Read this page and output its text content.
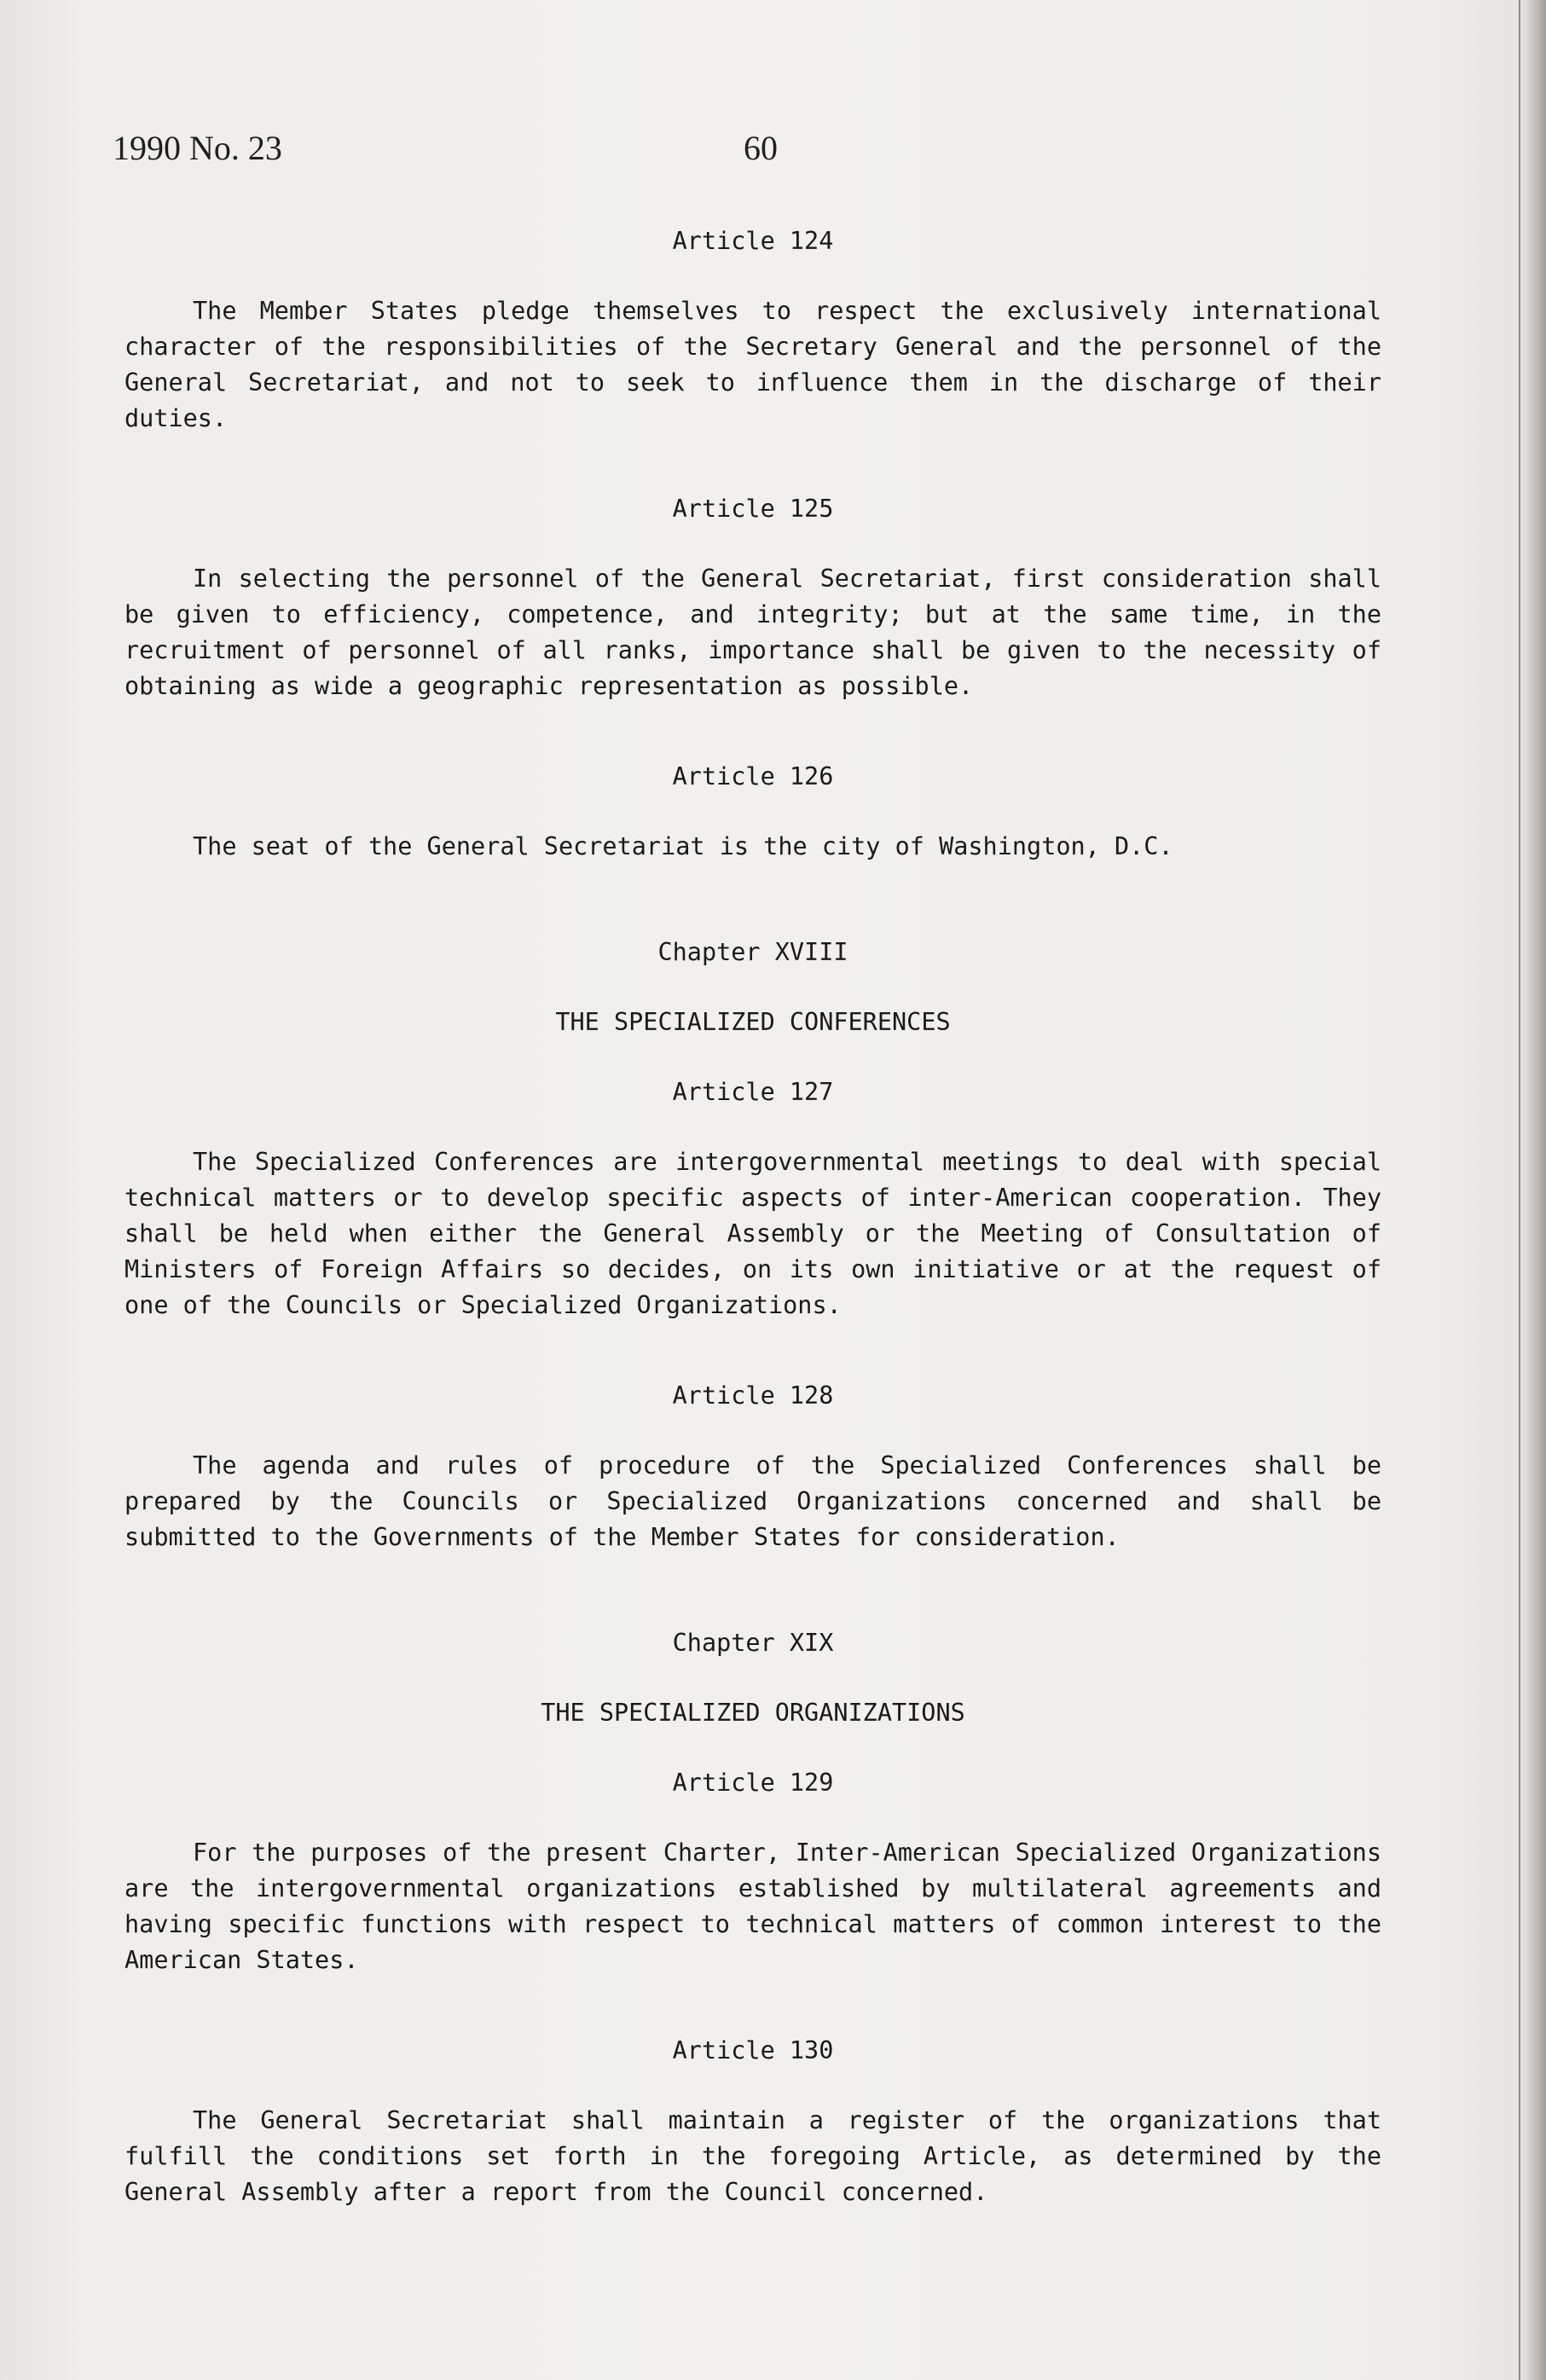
1990 No. 23	60
Article 124

The Member States pledge themselves to respect the exclusively international character of the responsibilities of the Secretary General and the personnel of the General Secretariat, and not to seek to influence them in the discharge of their duties.

Article 125

In selecting the personnel of the General Secretariat, first consideration shall be given to efficiency, competence, and integrity; but at the same time, in the recruitment of personnel of all ranks, importance shall be given to the necessity of obtaining as wide a geographic representation as possible.

Article 126

The seat of the General Secretariat is the city of Washington, D.C.

Chapter XVIII
THE SPECIALIZED CONFERENCES
Article 127

The Specialized Conferences are intergovernmental meetings to deal with special technical matters or to develop specific aspects of inter-American cooperation. They shall be held when either the General Assembly or the Meeting of Consultation of Ministers of Foreign Affairs so decides, on its own initiative or at the request of one of the Councils or Specialized Organizations.

Article 128

The agenda and rules of procedure of the Specialized Conferences shall be prepared by the Councils or Specialized Organizations concerned and shall be submitted to the Governments of the Member States for consideration.

Chapter XIX
THE SPECIALIZED ORGANIZATIONS
Article 129

For the purposes of the present Charter, Inter-American Specialized Organizations are the intergovernmental organizations established by multilateral agreements and having specific functions with respect to technical matters of common interest to the American States.

Article 130

The General Secretariat shall maintain a register of the organizations that fulfill the conditions set forth in the foregoing Article, as determined by the General Assembly after a report from the Council concerned.
